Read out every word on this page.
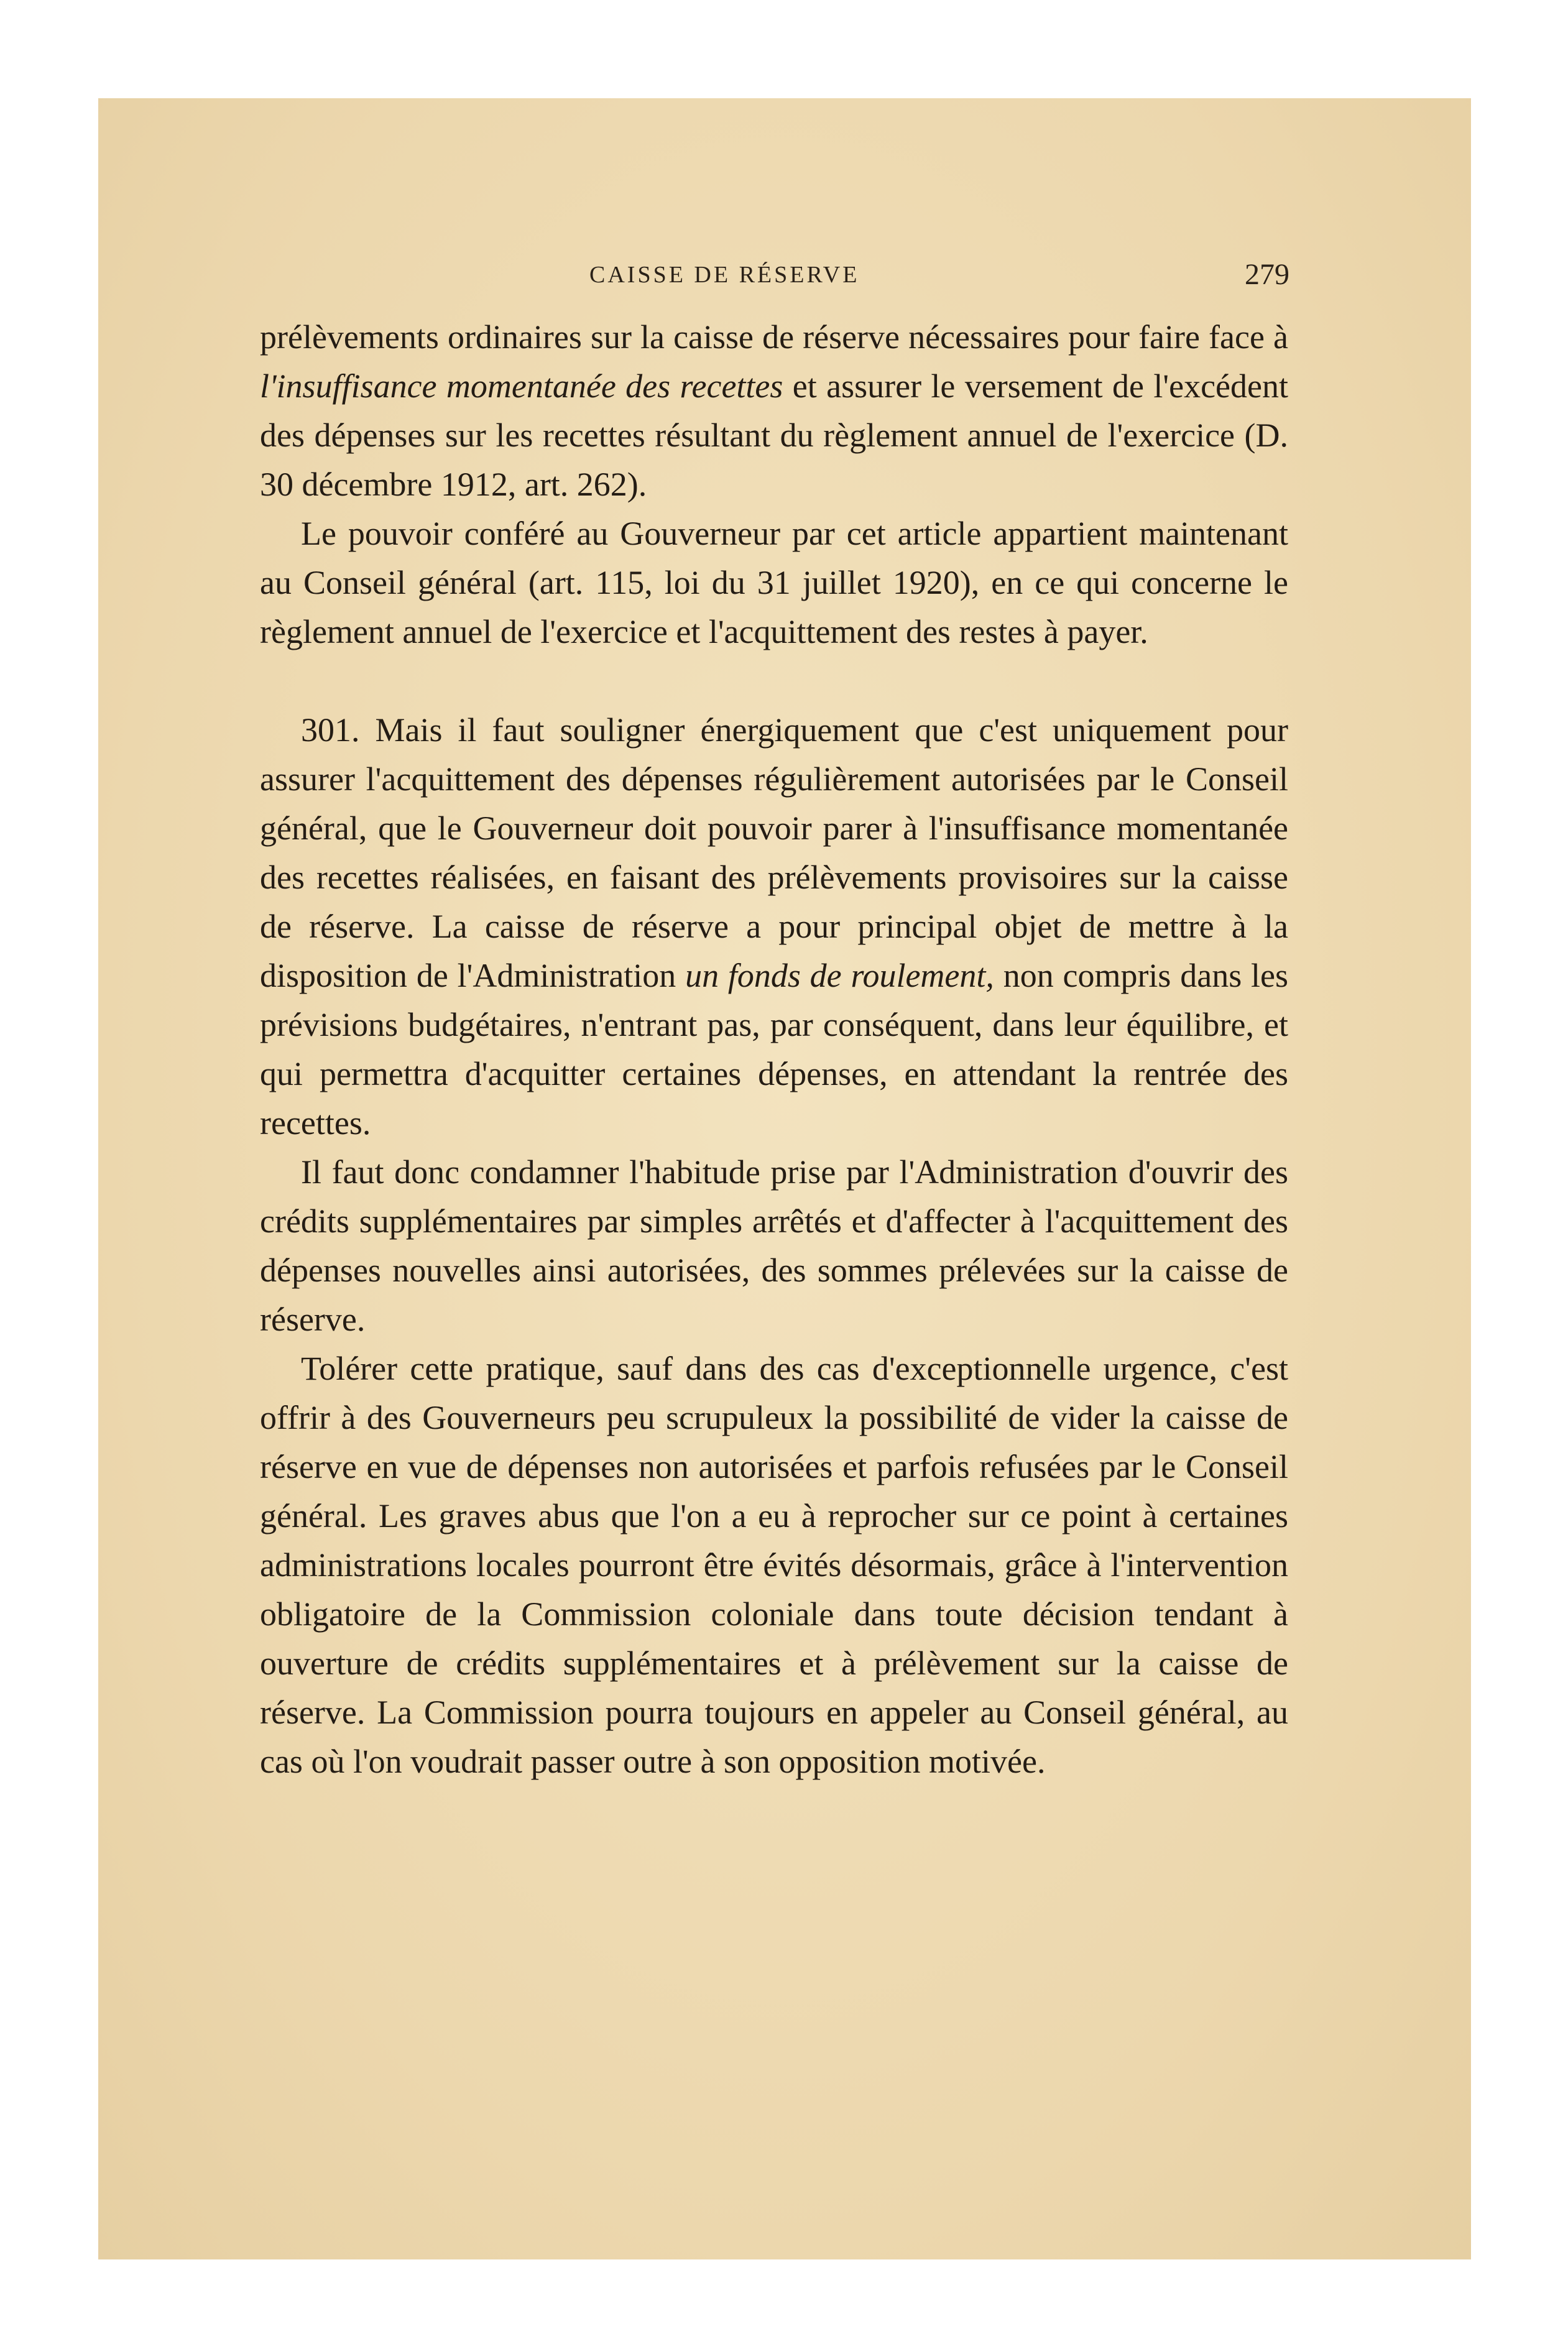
CAISSE DE RÉSERVE	279

prélèvements ordinaires sur la caisse de réserve nécessaires pour faire face à l'insuffisance momentanée des recettes et assurer le versement de l'excédent des dépenses sur les recettes résultant du règlement annuel de l'exercice (D. 30 décembre 1912, art. 262).

Le pouvoir conféré au Gouverneur par cet article appartient maintenant au Conseil général (art. 115, loi du 31 juillet 1920), en ce qui concerne le règlement annuel de l'exercice et l'acquittement des restes à payer.

301. Mais il faut souligner énergiquement que c'est uniquement pour assurer l'acquittement des dépenses régulièrement autorisées par le Conseil général, que le Gouverneur doit pouvoir parer à l'insuffisance momentanée des recettes réalisées, en faisant des prélèvements provisoires sur la caisse de réserve. La caisse de réserve a pour principal objet de mettre à la disposition de l'Administration un fonds de roulement, non compris dans les prévisions budgétaires, n'entrant pas, par conséquent, dans leur équilibre, et qui permettra d'acquitter certaines dépenses, en attendant la rentrée des recettes.

Il faut donc condamner l'habitude prise par l'Administration d'ouvrir des crédits supplémentaires par simples arrêtés et d'affecter à l'acquittement des dépenses nouvelles ainsi autorisées, des sommes prélevées sur la caisse de réserve.

Tolérer cette pratique, sauf dans des cas d'exceptionnelle urgence, c'est offrir à des Gouverneurs peu scrupuleux la possibilité de vider la caisse de réserve en vue de dépenses non autorisées et parfois refusées par le Conseil général. Les graves abus que l'on a eu à reprocher sur ce point à certaines administrations locales pourront être évités désormais, grâce à l'intervention obligatoire de la Commission coloniale dans toute décision tendant à ouverture de crédits supplémentaires et à prélèvement sur la caisse de réserve. La Commission pourra toujours en appeler au Conseil général, au cas où l'on voudrait passer outre à son opposition motivée.
